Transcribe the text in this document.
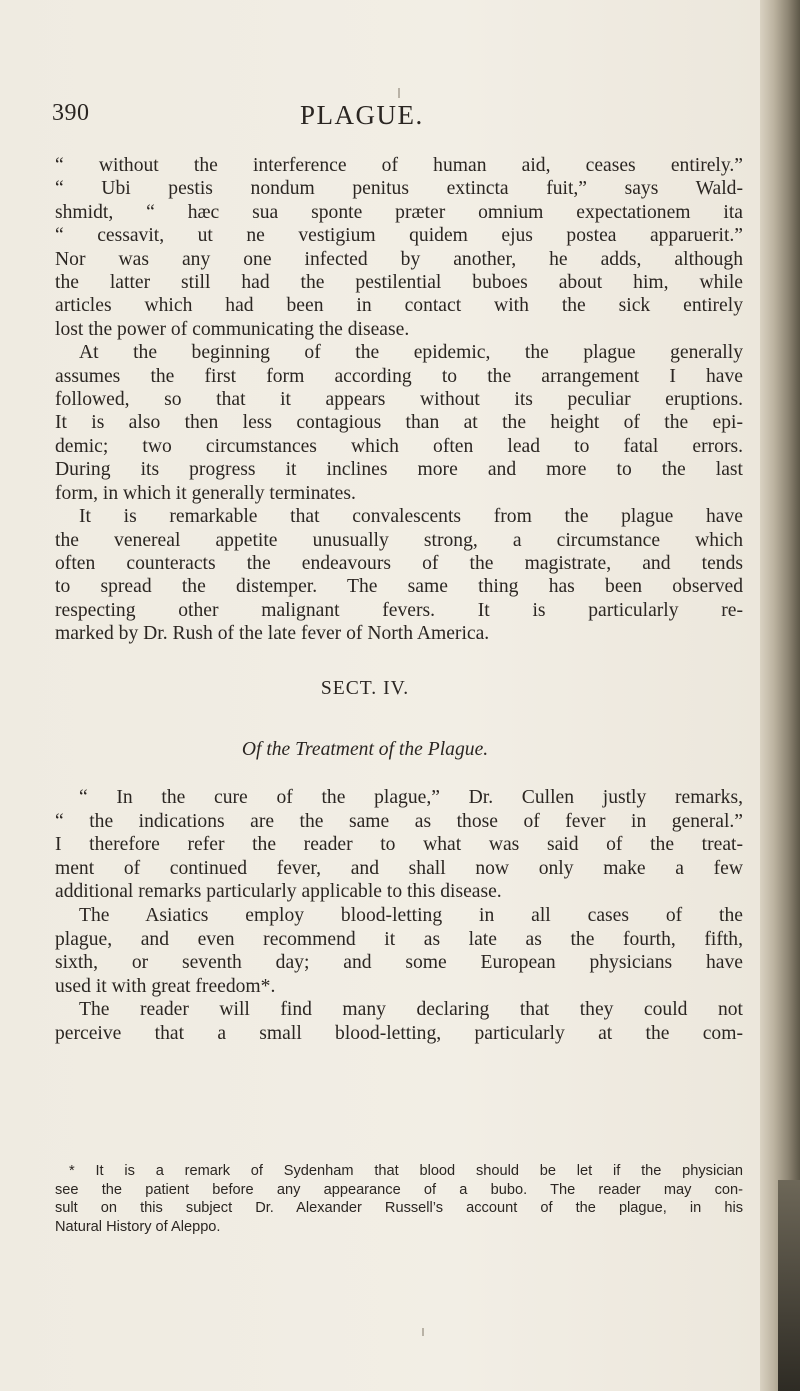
390	PLAGUE.
“ without the interference of human aid, ceases entirely.”
“ Ubi pestis nondum penitus extincta fuit,” says Wald-
shmidt, “ hæc sua sponte præter omnium expectationem ita
“ cessavit, ut ne vestigium quidem ejus postea apparuerit.”
Nor was any one infected by another, he adds, although
the latter still had the pestilential buboes about him, while
articles which had been in contact with the sick entirely
lost the power of communicating the disease.
At the beginning of the epidemic, the plague generally
assumes the first form according to the arrangement I have
followed, so that it appears without its peculiar eruptions.
It is also then less contagious than at the height of the epi-
demic; two circumstances which often lead to fatal errors.
During its progress it inclines more and more to the last
form, in which it generally terminates.
It is remarkable that convalescents from the plague have
the venereal appetite unusually strong, a circumstance which
often counteracts the endeavours of the magistrate, and tends
to spread the distemper. The same thing has been observed
respecting other malignant fevers. It is particularly re-
marked by Dr. Rush of the late fever of North America.
SECT. IV.
Of the Treatment of the Plague.
“ In the cure of the plague,” Dr. Cullen justly remarks,
“ the indications are the same as those of fever in general.”
I therefore refer the reader to what was said of the treat-
ment of continued fever, and shall now only make a few
additional remarks particularly applicable to this disease.
The Asiatics employ blood-letting in all cases of the
plague, and even recommend it as late as the fourth, fifth,
sixth, or seventh day; and some European physicians have
used it with great freedom*.
The reader will find many declaring that they could not
perceive that a small blood-letting, particularly at the com-
* It is a remark of Sydenham that blood should be let if the physician
see the patient before any appearance of a bubo. The reader may con-
sult on this subject Dr. Alexander Russell’s account of the plague, in his
Natural History of Aleppo.
